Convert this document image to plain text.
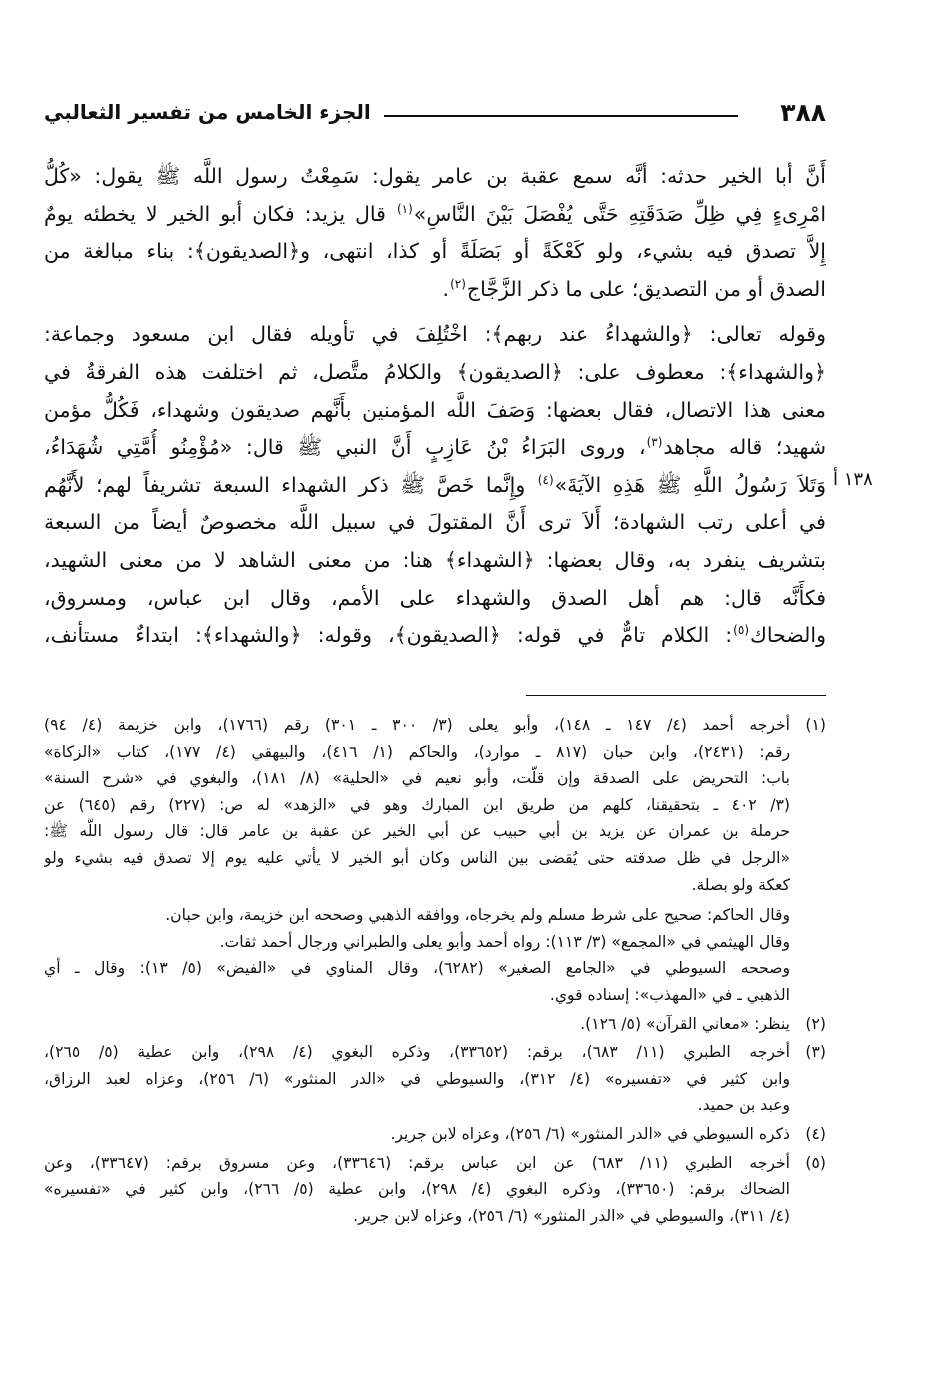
٣٨٨
الجزء الخامس من تفسير الثعالبي
١٣٨ أ

أَنَّ أبا الخير حدثه: أنَّه سمع عقبة بن عامر يقول: سَمِعْتُ رسول اللَّه ﷺ يقول: «كُلُّ
امْرِىءٍ فِي ظِلِّ صَدَقَتِهِ حَتَّى يُفْصَلَ بَيْنَ النَّاسِ»$^{(١)}$ قال يزيد: فكان أبو الخير لا يخطئه يومٌ
إِلاَّ تصدق فيه بشيء، ولو كَعْكَةً أو بَصَلَةً أو كذا، انتهى، و﴿الصديقون﴾: بناء مبالغة من
الصدق أو من التصديق؛ على ما ذكر الزَّجَّاج$^{(٢)}$.

وقوله تعالى: ﴿والشهداءُ عند ربهم﴾: اخْتُلِفَ في تأويله فقال ابن مسعود وجماعة:
﴿والشهداء﴾: معطوف على: ﴿الصديقون﴾ والكلامُ متَّصل، ثم اختلفت هذه الفرقةُ في
معنى هذا الاتصال، فقال بعضها: وَصَفَ اللَّه المؤمنين بأَنَّهم صديقون وشهداء، فَكُلُّ مؤمن
شهيد؛ قاله مجاهد$^{(٣)}$، وروى البَرَاءُ بْنُ عَازِبٍ أَنَّ النبي ﷺ قال: «مُؤْمِنُو أُمَّتِي شُهَدَاءُ،
وَتَلاَ رَسُولُ اللَّهِ ﷺ هَذِهِ الآيَةَ»$^{(٤)}$ وإِنَّما خَصَّ ﷺ ذكر الشهداء السبعة تشريفاً لهم؛ لأَنَّهُم
في أعلى رتب الشهادة؛ أَلاَ ترى أَنَّ المقتولَ في سبيل اللَّه مخصوصٌ أيضاً من السبعة
بتشريف ينفرد به، وقال بعضها: ﴿الشهداء﴾ هنا: من معنى الشاهد لا من معنى الشهيد،
فكأَنَّه قال: هم أهل الصدق والشهداء على الأمم، وقال ابن عباس، ومسروق،
والضحاك$^{(٥)}$: الكلام تامٌّ في قوله: ﴿الصديقون﴾، وقوله: ﴿والشهداء﴾: ابتداءٌ مستأنف،

(١)
أخرجه أحمد (٤/ ١٤٧ ـ ١٤٨)، وأبو يعلى (٣/ ٣٠٠ ـ ٣٠١) رقم (١٧٦٦)، وابن خزيمة (٤/ ٩٤)
رقم: (٢٤٣١)، وابن حبان (٨١٧ ـ موارد)، والحاكم (١/ ٤١٦)، والبيهقي (٤/ ١٧٧)، كتاب «الزكاة»
باب: التحريض على الصدقة وإن قلّت، وأبو نعيم في «الحلية» (٨/ ١٨١)، والبغوي في «شرح السنة»
(٣/ ٤٠٢ ـ بتحقيقنا، كلهم من طريق ابن المبارك وهو في «الزهد» له ص: (٢٢٧) رقم (٦٤٥) عن
حرملة بن عمران عن يزيد بن أبي حبيب عن أبي الخير عن عقبة بن عامر قال: قال رسول اللَّه ﷺ:
«الرجل في ظل صدقته حتى يُقضى بين الناس وكان أبو الخير لا يأتي عليه يوم إلا تصدق فيه بشيء ولو
كعكة ولو بصلة.
وقال الحاكم: صحيح على شرط مسلم ولم يخرجاه، ووافقه الذهبي وصححه ابن خزيمة، وابن حبان.
وقال الهيثمي في «المجمع» (٣/ ١١٣): رواه أحمد وأبو يعلى والطبراني ورجال أحمد ثقات.
وصححه السيوطي في «الجامع الصغير» (٦٢٨٢)، وقال المناوي في «الفيض» (٥/ ١٣): وقال ـ أي
الذهبي ـ في «المهذب»: إسناده قوي.
(٢)
ينظر: «معاني القرآن» (٥/ ١٢٦).
(٣)
أخرجه الطبري (١١/ ٦٨٣)، برقم: (٣٣٦٥٢)، وذكره البغوي (٤/ ٢٩٨)، وابن عطية (٥/ ٢٦٥)،
وابن كثير في «تفسيره» (٤/ ٣١٢)، والسيوطي في «الدر المنثور» (٦/ ٢٥٦)، وعزاه لعبد الرزاق،
وعبد بن حميد.
(٤)
ذكره السيوطي في «الدر المنثور» (٦/ ٢٥٦)، وعزاه لابن جرير.
(٥)
أخرجه الطبري (١١/ ٦٨٣) عن ابن عباس برقم: (٣٣٦٤٦)، وعن مسروق برقم: (٣٣٦٤٧)، وعن
الضحاك برقم: (٣٣٦٥٠)، وذكره البغوي (٤/ ٢٩٨)، وابن عطية (٥/ ٢٦٦)، وابن كثير في «تفسيره»
(٤/ ٣١١)، والسيوطي في «الدر المنثور» (٦/ ٢٥٦)، وعزاه لابن جرير.
